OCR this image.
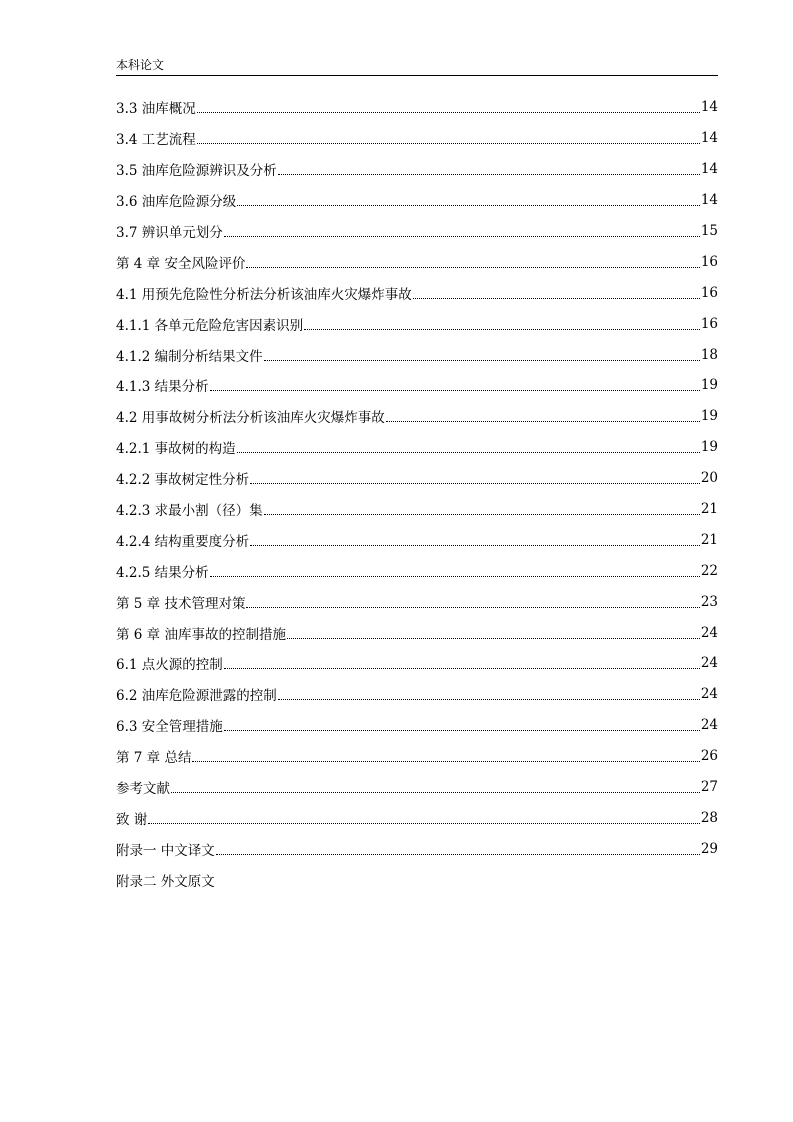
本科论文
3.3 油库概况	14
3.4 工艺流程	14
3.5 油库危险源辨识及分析	14
3.6 油库危险源分级	14
3.7 辨识单元划分	15
第 4 章 安全风险评价	16
4.1 用预先危险性分析法分析该油库火灾爆炸事故	16
4.1.1 各单元危险危害因素识别	16
4.1.2 编制分析结果文件	18
4.1.3 结果分析	19
4.2 用事故树分析法分析该油库火灾爆炸事故	19
4.2.1 事故树的构造	19
4.2.2 事故树定性分析	20
4.2.3 求最小割（径）集	21
4.2.4 结构重要度分析	21
4.2.5 结果分析	22
第 5 章 技术管理对策	23
第 6 章 油库事故的控制措施	24
6.1 点火源的控制	24
6.2 油库危险源泄露的控制	24
6.3 安全管理措施	24
第 7 章 总结	26
参考文献	27
致 谢	28
附录一 中文译文	29
附录二 外文原文
